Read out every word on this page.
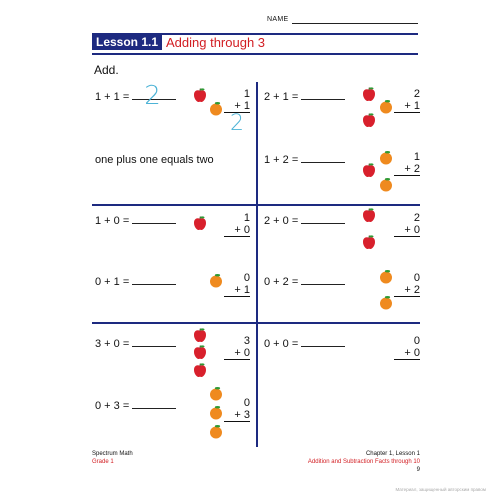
NAME
Lesson 1.1 Adding through 3
Add.
1 + 1 = 2	1
+ 1
2
one plus one equals two
2 + 1 =	2
+ 1
1 + 2 =	1
+ 2
1 + 0 =	1
+ 0
2 + 0 =	2
+ 0
0 + 1 =	0
+ 1
0 + 2 =	0
+ 2
3 + 0 =	3
+ 0
0 + 0 =	0
+ 0
0 + 3 =	0
+ 3
Spectrum Math
Grade 1
Chapter 1, Lesson 1
Addition and Subtraction Facts through 10
9
Материал, защищенный авторским правом
